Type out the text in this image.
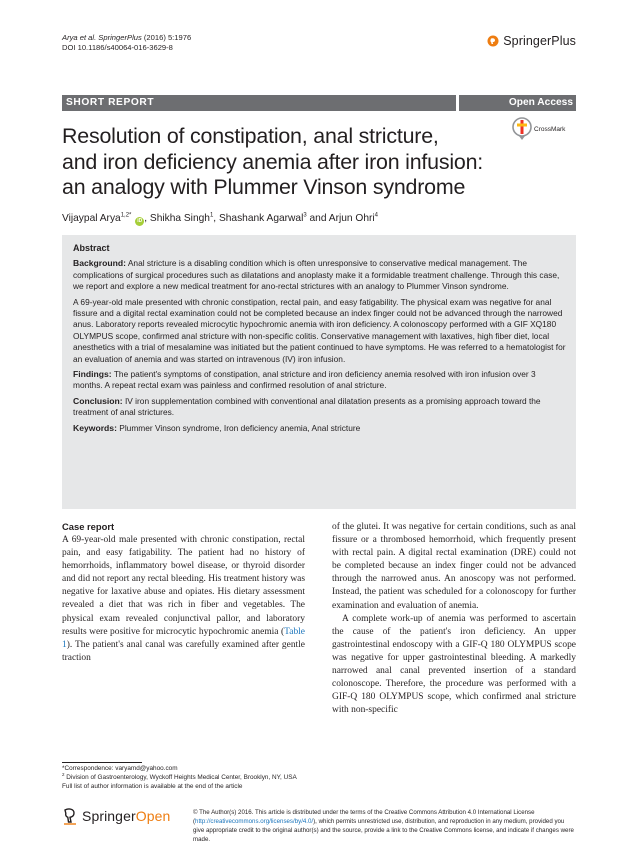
Arya et al. SpringerPlus (2016) 5:1976
DOI 10.1186/s40064-016-3629-8	SpringerPlus
SHORT REPORT	Open Access
Resolution of constipation, anal stricture,
and iron deficiency anemia after iron infusion:
an analogy with Plummer Vinson syndrome
CrossMark
Vijaypal Arya$^{1,2*}$ iD , Shikha Singh$^1$, Shashank Agarwal$^3$ and Arjun Ohri$^4$

Abstract

Background: Anal stricture is a disabling condition which is often unresponsive to conservative medical management. The complications of surgical procedures such as dilatations and anoplasty make it a formidable treatment challenge. Through this case, we report and explore a new medical treatment for ano-rectal strictures with an analogy to Plummer Vinson syndrome.

A 69-year-old male presented with chronic constipation, rectal pain, and easy fatigability. The physical exam was negative for anal fissure and a digital rectal examination could not be completed because an index finger could not be advanced through the narrowed anus. Laboratory reports revealed microcytic hypochromic anemia with iron deficiency. A colonoscopy performed with a GIF XQ180 OLYMPUS scope, confirmed anal stricture with non-specific colitis. Conservative management with laxatives, high fiber diet, local anesthetics with a trial of mesalamine was initiated but the patient continued to have symptoms. He was referred to a hematologist for an evaluation of anemia and was started on intravenous (IV) iron infusion.

Findings: The patient's symptoms of constipation, anal stricture and iron deficiency anemia resolved with iron infusion over 3 months. A repeat rectal exam was painless and confirmed resolution of anal stricture.

Conclusion: IV iron supplementation combined with conventional anal dilatation presents as a promising approach toward the treatment of anal strictures.

Keywords: Plummer Vinson syndrome, Iron deficiency anemia, Anal stricture

Case report

A 69-year-old male presented with chronic constipation, rectal pain, and easy fatigability. The patient had no history of hemorrhoids, inflammatory bowel disease, or thyroid disorder and did not report any rectal bleeding. His treatment history was negative for laxative abuse and opiates. His dietary assessment revealed a diet that was rich in fiber and vegetables. The physical exam revealed conjunctival pallor, and laboratory results were positive for microcytic hypochromic anemia (Table 1). The patient's anal canal was carefully examined after gentle traction

of the glutei. It was negative for certain conditions, such as anal fissure or a thrombosed hemorrhoid, which frequently present with rectal pain. A digital rectal examination (DRE) could not be completed because an index finger could not be advanced through the narrowed anus. An anoscopy was not performed. Instead, the patient was scheduled for a colonoscopy for further examination and evaluation of anemia.

A complete work-up of anemia was performed to ascertain the cause of the patient's iron deficiency. An upper gastrointestinal endoscopy with a GIF-Q 180 OLYMPUS scope was negative for upper gastrointestinal bleeding. A markedly narrowed anal canal prevented insertion of a standard colonoscope. Therefore, the procedure was performed with a GIF-Q 180 OLYMPUS scope, which confirmed anal stricture with non-specific

*Correspondence: varyamd@yahoo.com
$^2$ Division of Gastroenterology, Wyckoff Heights Medical Center, Brooklyn, NY, USA
Full list of author information is available at the end of the article
SpringerOpen	© The Author(s) 2016. This article is distributed under the terms of the Creative Commons Attribution 4.0 International License (http://creativecommons.org/licenses/by/4.0/), which permits unrestricted use, distribution, and reproduction in any medium, provided you give appropriate credit to the original author(s) and the source, provide a link to the Creative Commons license, and indicate if changes were made.
